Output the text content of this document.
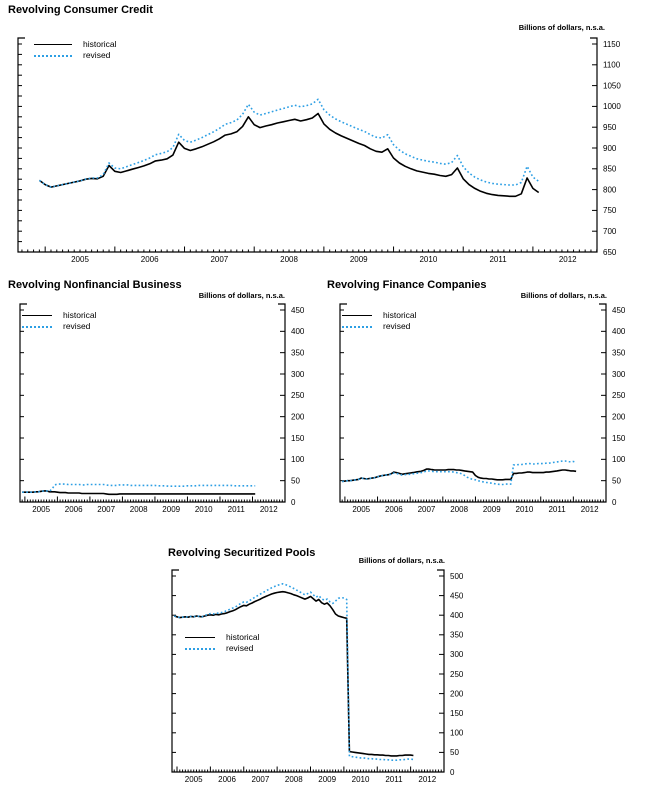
650
700
750
800
850
900
950
1000
1050
1100
1150
2005	2006	2007	2008	2009	2010	2011	2012
Revolving Consumer Credit
Billions of dollars, n.s.a.
historical
revised
0
50
100
150
200
250
300
350
400
450
2005 2006 2007 2008 2009 2010 2011 2012
Revolving Nonfinancial Business
Billions of dollars, n.s.a.
historical
revised
0
50
100
150
200
250
300
350
400
450
2005 2006 2007 2008 2009 2010 2011 2012
Revolving Finance Companies
Billions of dollars, n.s.a.
historical
revised
0
50
100
150
200
250
300
350
400
450
500
2005 2006 2007 2008 2009 2010 2011 2012
Revolving Securitized Pools
Billions of dollars, n.s.a.
historical
revised
